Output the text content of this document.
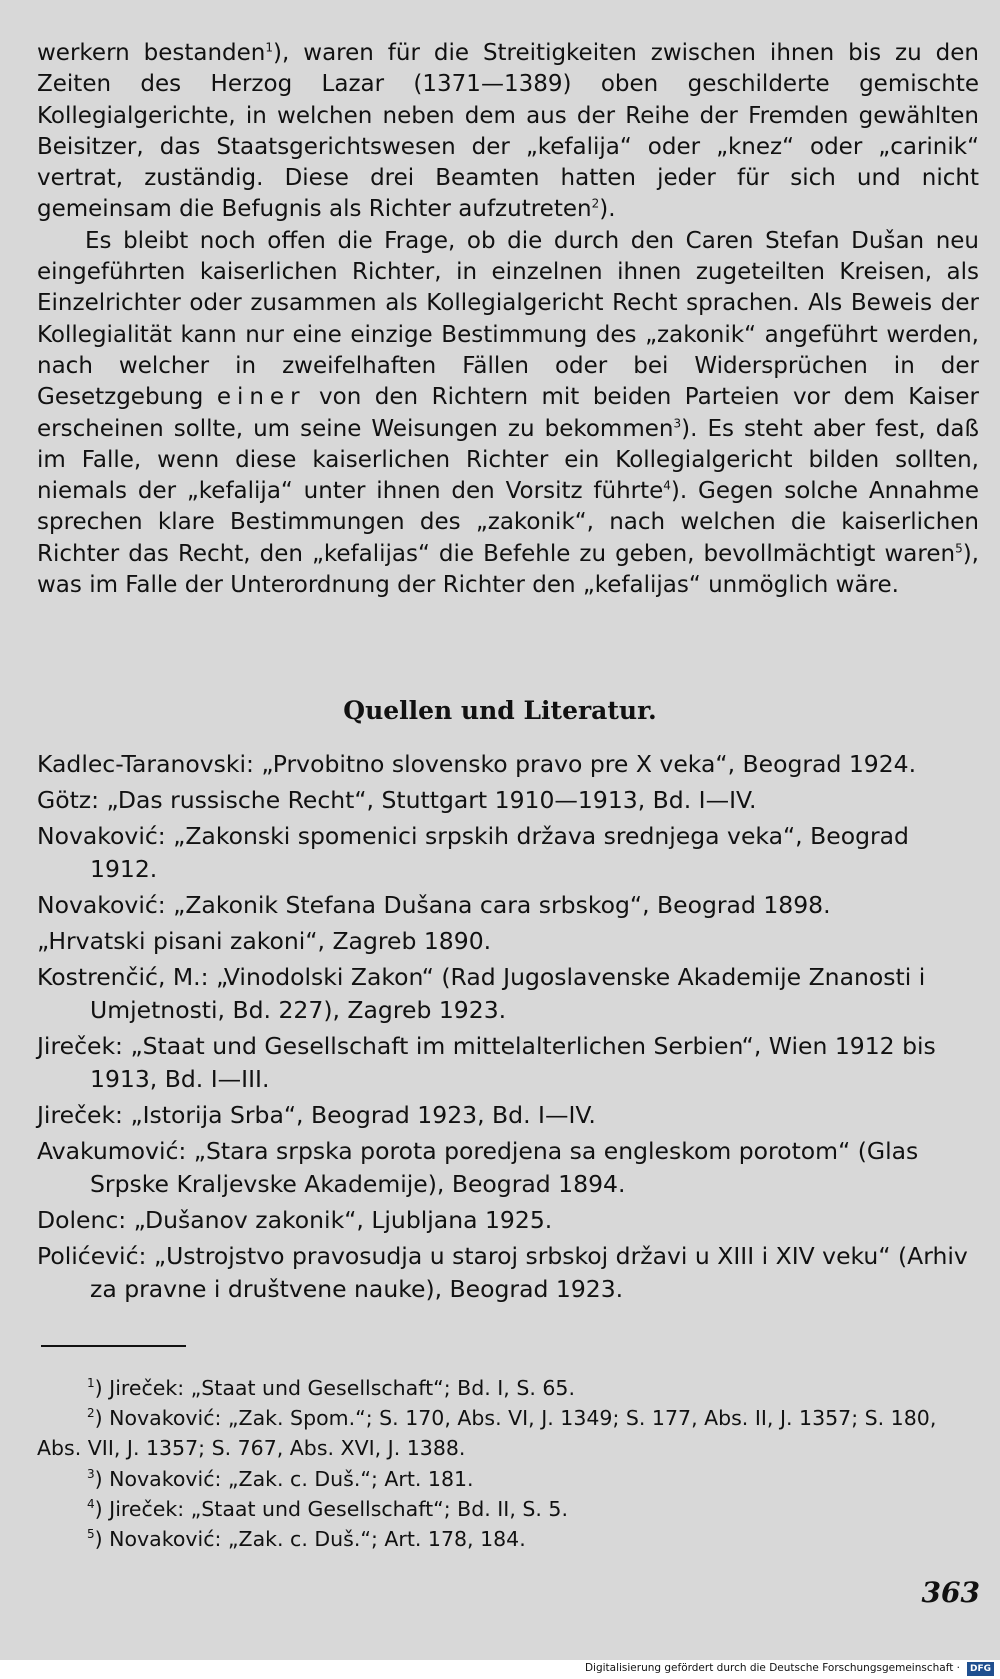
werkern bestanden$^1$), waren für die Streitigkeiten zwischen ihnen bis zu den Zeiten des Herzog Lazar (1371—1389) oben geschilderte gemischte Kollegialgerichte, in welchen neben dem aus der Reihe der Fremden gewählten Beisitzer, das Staatsgerichtswesen der „kefalija“ oder „knez“ oder „carinik“ vertrat, zuständig. Diese drei Beamten hatten jeder für sich und nicht gemeinsam die Befugnis als Richter aufzutreten$^2$).

Es bleibt noch offen die Frage, ob die durch den Caren Stefan Dušan neu eingeführten kaiserlichen Richter, in einzelnen ihnen zugeteilten Kreisen, als Einzelrichter oder zusammen als Kollegialgericht Recht sprachen. Als Beweis der Kollegialität kann nur eine einzige Bestimmung des „zakonik“ angeführt werden, nach welcher in zweifelhaften Fällen oder bei Widersprüchen in der Gesetzgebung einer von den Richtern mit beiden Parteien vor dem Kaiser erscheinen sollte, um seine Weisungen zu bekommen$^3$). Es steht aber fest, daß im Falle, wenn diese kaiserlichen Richter ein Kollegialgericht bilden sollten, niemals der „kefalija“ unter ihnen den Vorsitz führte$^4$). Gegen solche Annahme sprechen klare Bestimmungen des „zakonik“, nach welchen die kaiserlichen Richter das Recht, den „kefalijas“ die Befehle zu geben, bevollmächtigt waren$^5$), was im Falle der Unterordnung der Richter den „kefalijas“ unmöglich wäre.

Quellen und Literatur.

Kadlec-Taranovski: „Prvobitno slovensko pravo pre X veka“, Beograd 1924.

Götz: „Das russische Recht“, Stuttgart 1910—1913, Bd. I—IV.

Novaković: „Zakonski spomenici srpskih država srednjega veka“, Beograd 1912.

Novaković: „Zakonik Stefana Dušana cara srbskog“, Beograd 1898.

„Hrvatski pisani zakoni“, Zagreb 1890.

Kostrenčić, M.: „Vinodolski Zakon“ (Rad Jugoslavenske Akademije Znanosti i Umjetnosti, Bd. 227), Zagreb 1923.

Jireček: „Staat und Gesellschaft im mittelalterlichen Serbien“, Wien 1912 bis 1913, Bd. I—III.

Jireček: „Istorija Srba“, Beograd 1923, Bd. I—IV.

Avakumović: „Stara srpska porota poredjena sa engleskom porotom“ (Glas Srpske Kraljevske Akademije), Beograd 1894.

Dolenc: „Dušanov zakonik“, Ljubljana 1925.

Polićević: „Ustrojstvo pravosudja u staroj srbskoj državi u XIII i XIV veku“ (Arhiv za pravne i društvene nauke), Beograd 1923.

$^1$) Jireček: „Staat und Gesellschaft“; Bd. I, S. 65.

$^2$) Novaković: „Zak. Spom.“; S. 170, Abs. VI, J. 1349; S. 177, Abs. II, J. 1357; S. 180, Abs. VII, J. 1357; S. 767, Abs. XVI, J. 1388.

$^3$) Novaković: „Zak. c. Duš.“; Art. 181.

$^4$) Jireček: „Staat und Gesellschaft“; Bd. II, S. 5.

$^5$) Novaković: „Zak. c. Duš.“; Art. 178, 184.

363
Digitalisierung gefördert durch die Deutsche Forschungsgemeinschaft ·	DFG
